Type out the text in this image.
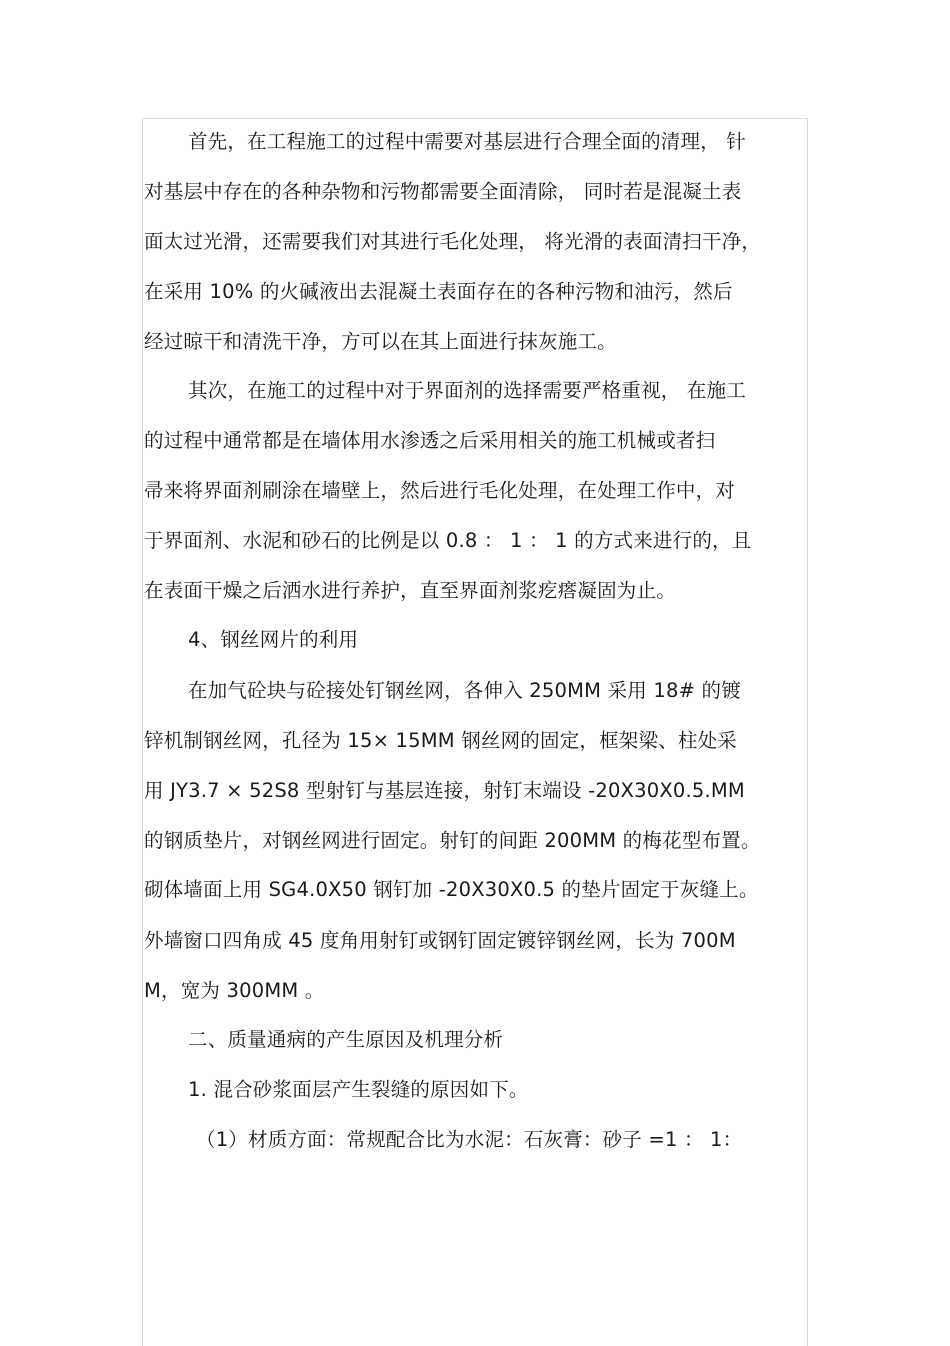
首先，在工程施工的过程中需要对基层进行合理全面的清理， 针
对基层中存在的各种杂物和污物都需要全面清除， 同时若是混凝土表
面太过光滑，还需要我们对其进行毛化处理， 将光滑的表面清扫干净，
在采用 10% 的火碱液出去混凝土表面存在的各种污物和油污，然后
经过晾干和清洗干净，方可以在其上面进行抹灰施工。
其次，在施工的过程中对于界面剂的选择需要严格重视， 在施工
的过程中通常都是在墙体用水渗透之后采用相关的施工机械或者扫
帚来将界面剂刷涂在墙壁上，然后进行毛化处理，在处理工作中，对
于界面剂、水泥和砂石的比例是以 0.8 ： 1 ： 1 的方式来进行的，且
在表面干燥之后洒水进行养护，直至界面剂浆疙瘩凝固为止。
4、钢丝网片的利用
在加气砼块与砼接处钉钢丝网，各伸入 250MM 采用 18# 的镀
锌机制钢丝网，孔径为 15× 15MM 钢丝网的固定，框架梁、柱处采
用 JY3.7 × 52S8 型射钉与基层连接，射钉末端设 -20X30X0.5.MM
的钢质垫片，对钢丝网进行固定。射钉的间距 200MM 的梅花型布置。
砌体墙面上用 SG4.0X50 钢钉加 -20X30X0.5 的垫片固定于灰缝上。
外墙窗口四角成 45 度角用射钉或钢钉固定镀锌钢丝网，长为 700M
M，宽为 300MM 。
二、质量通病的产生原因及机理分析
1. 混合砂浆面层产生裂缝的原因如下。
（1）材质方面：常规配合比为水泥：石灰膏：砂子 =1 ： 1：
